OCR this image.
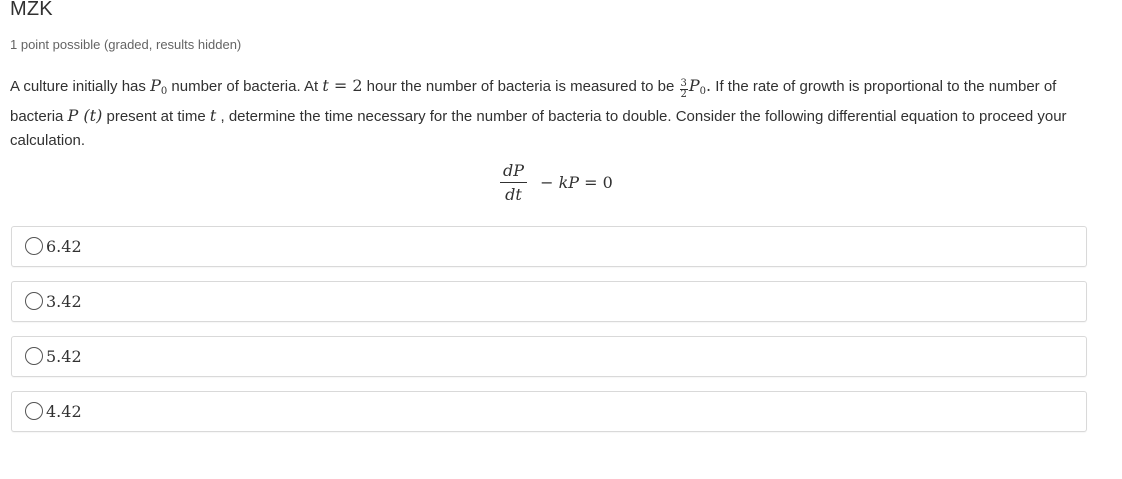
MZK
1 point possible (graded, results hidden)
A culture initially has $P_0$ number of bacteria. At t = 2 hour the number of bacteria is measured to be $\frac{3}{2} P_0$. If the rate of growth is proportional to the number of bacteria P (t) present at time t , determine the time necessary for the number of bacteria to double. Consider the following differential equation to proceed your calculation.
$\frac{dP}{dt}$ − kP = 0
6.42
3.42
5.42
4.42
